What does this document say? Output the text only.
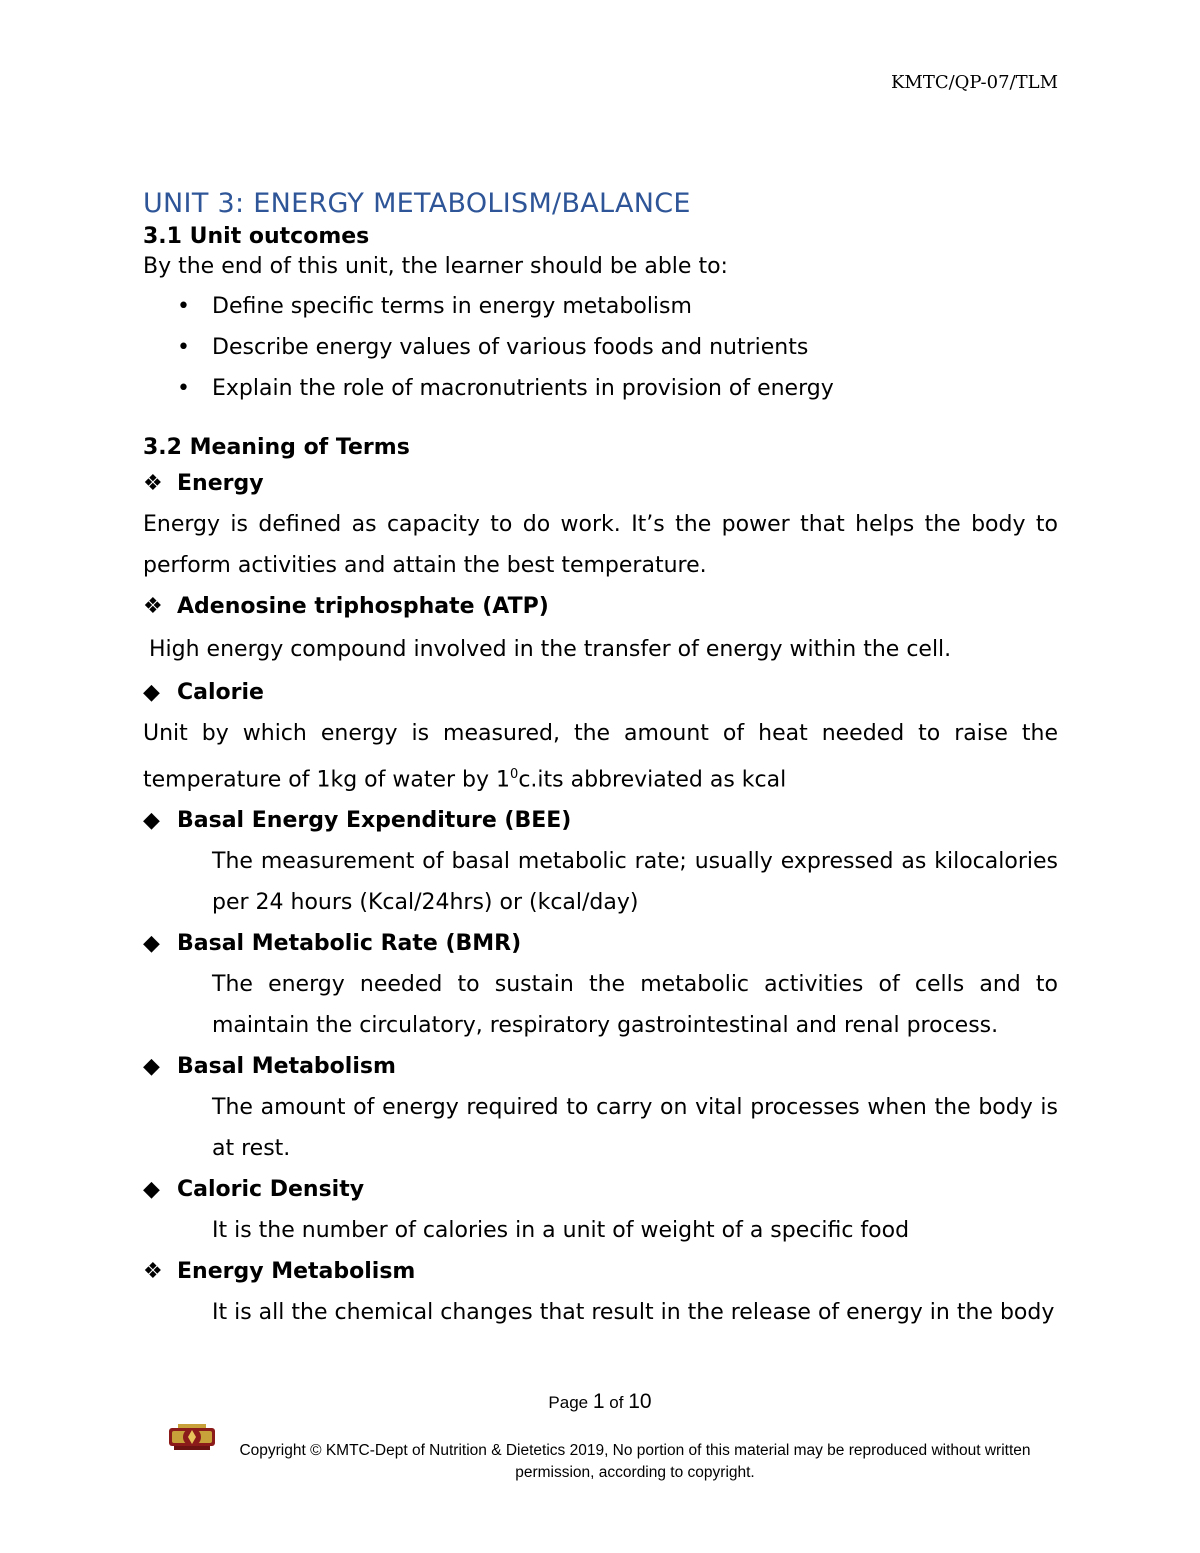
KMTC/QP-07/TLM
UNIT 3: ENERGY METABOLISM/BALANCE
3.1 Unit outcomes

By the end of this unit, the learner should be able to:

• Define specific terms in energy metabolism
• Describe energy values of various foods and nutrients
• Explain the role of macronutrients in provision of energy
3.2 Meaning of Terms
❖ Energy
Energy is defined as capacity to do work. It’s the power that helps the body to perform activities and attain the best temperature.
❖ Adenosine triphosphate (ATP)
High energy compound involved in the transfer of energy within the cell.
◆ Calorie
Unit by which energy is measured, the amount of heat needed to raise the temperature of 1kg of water by $1^0c.its$ abbreviated as kcal
◆ Basal Energy Expenditure (BEE)
The measurement of basal metabolic rate; usually expressed as kilocalories per 24 hours (Kcal/24hrs) or (kcal/day)
◆ Basal Metabolic Rate (BMR)
The energy needed to sustain the metabolic activities of cells and to maintain the circulatory, respiratory gastrointestinal and renal process.
◆ Basal Metabolism
The amount of energy required to carry on vital processes when the body is at rest.
◆ Caloric Density
It is the number of calories in a unit of weight of a specific food
❖ Energy Metabolism
It is all the chemical changes that result in the release of energy in the body
Page 1 of 10
Copyright © KMTC-Dept of Nutrition & Dietetics 2019, No portion of this material may be reproduced without written permission, according to copyright.
